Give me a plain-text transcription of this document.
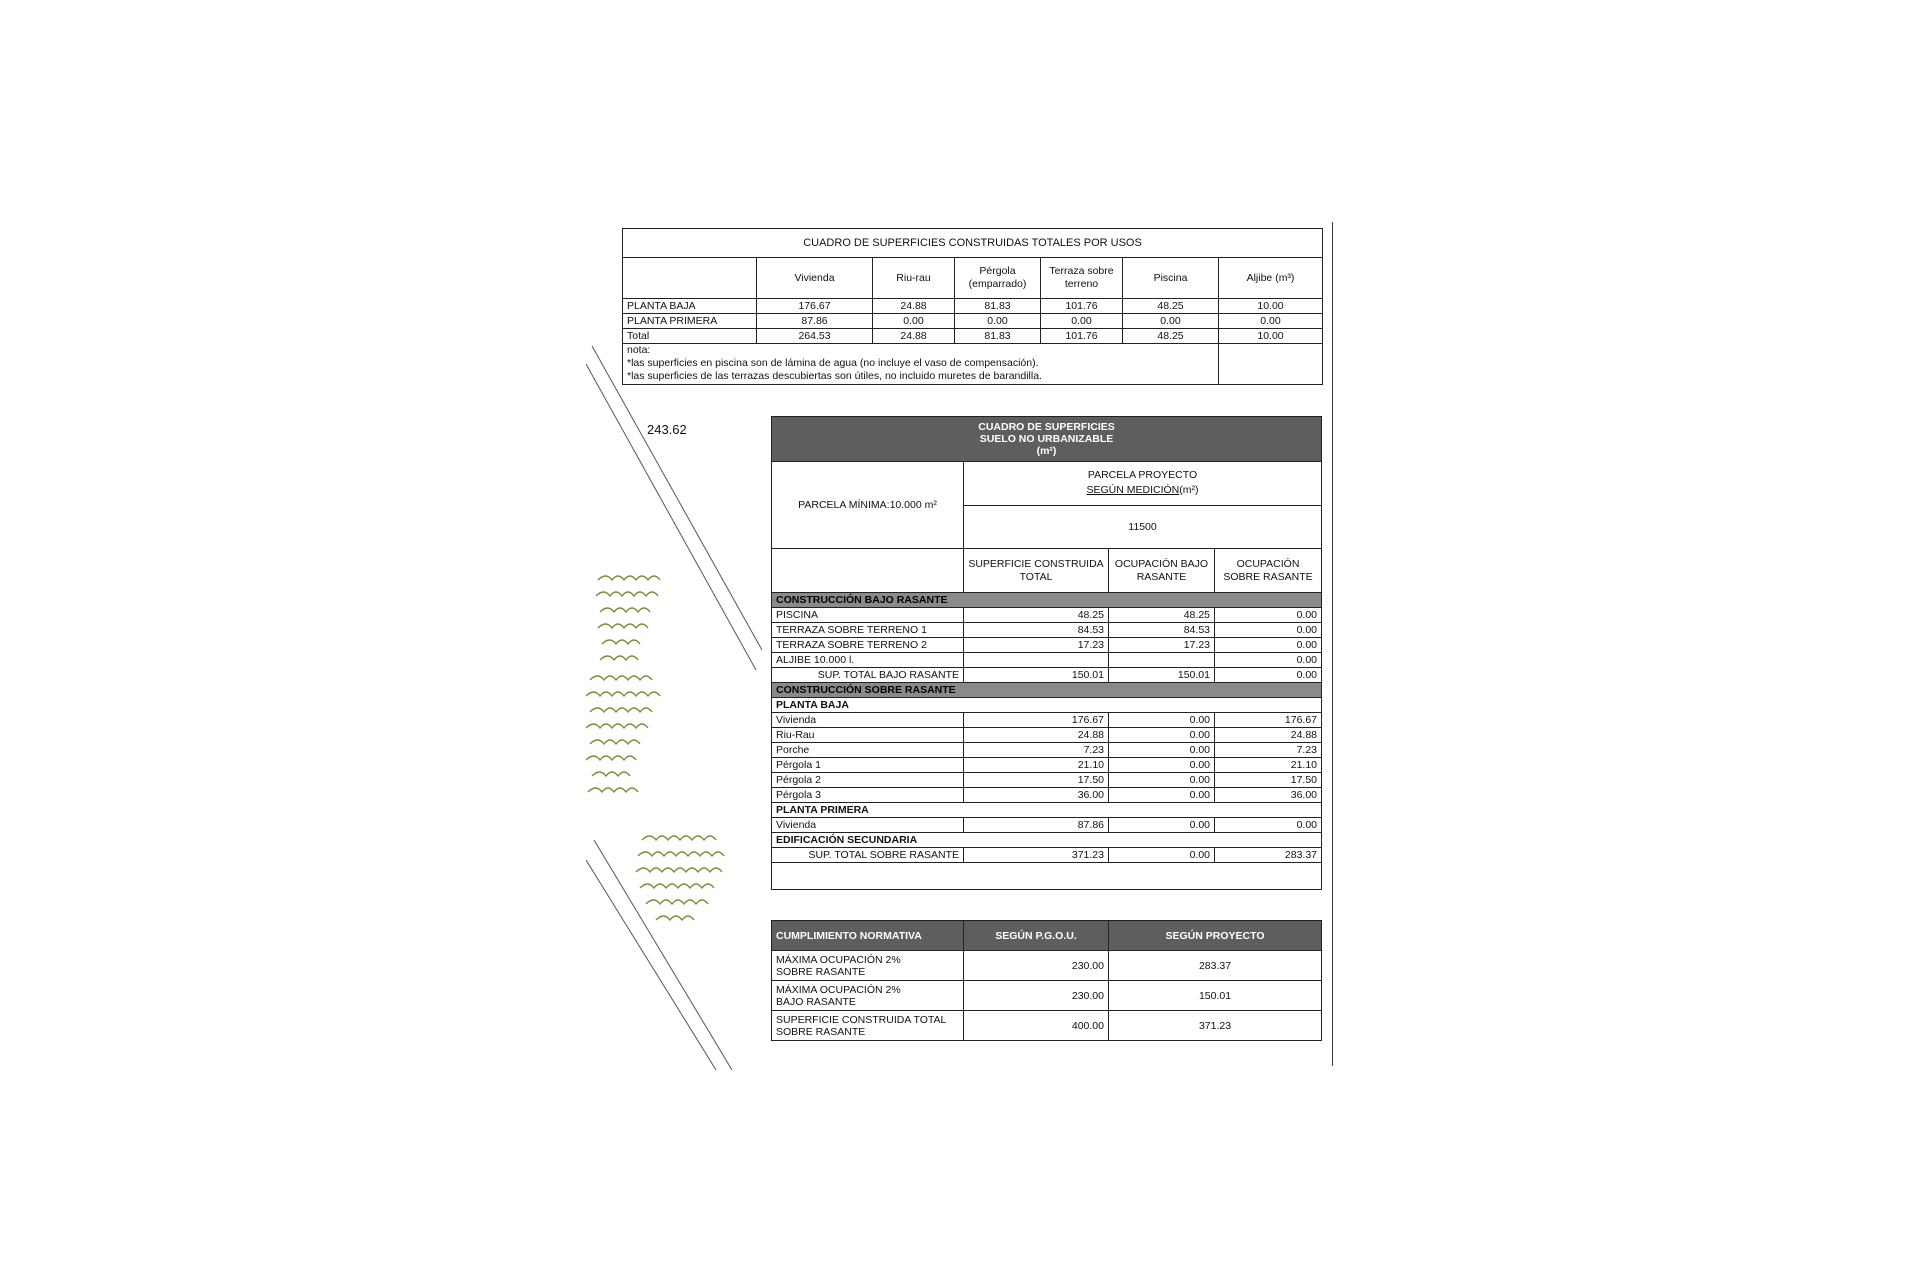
243.62
CUADRO DE SUPERFICIES CONSTRUIDAS TOTALES POR USOS						
	Vivienda	Riu-rau	Pérgola (emparrado)	Terraza sobre terreno	Piscina	Aljibe (m³)
PLANTA BAJA	176.67	24.88	81.83	101.76	48.25	10.00
PLANTA PRIMERA	87.86	0.00	0.00	0.00	0.00	0.00
Total	264.53	24.88	81.83	101.76	48.25	10.00

nota:
*las superficies en piscina son de lámina de agua (no incluye el vaso de compensación).
*las superficies de las terrazas descubiertas son útiles, no incluido muretes de barandilla.						

CUADRO DE SUPERFICIES
SUELO NO URBANIZABLE
(m²)			

PARCELA MÍNIMA:10.000 m²	PARCELA PROYECTO
SEGÚN MEDICIÓN(m²)		

	11500		
	SUPERFICIE CONSTRUIDA TOTAL	OCUPACIÓN BAJO RASANTE	OCUPACIÓN SOBRE RASANTE
CONSTRUCCIÓN BAJO RASANTE			
PISCINA	48.25	48.25	0.00
TERRAZA SOBRE TERRENO 1	84.53	84.53	0.00
TERRAZA SOBRE TERRENO 2	17.23	17.23	0.00
ALJIBE 10.000 l.			0.00
SUP. TOTAL BAJO RASANTE	150.01	150.01	0.00
CONSTRUCCIÓN SOBRE RASANTE			
PLANTA BAJA			
Vivienda	176.67	0.00	176.67
Riu-Rau	24.88	0.00	24.88
Porche	7.23	0.00	7.23
Pérgola 1	21.10	0.00	21.10
Pérgola 2	17.50	0.00	17.50
Pérgola 3	36.00	0.00	36.00
PLANTA PRIMERA			
Vivienda	87.86	0.00	0.00
EDIFICACIÓN SECUNDARIA			
SUP. TOTAL SOBRE RASANTE	371.23	0.00	283.37

CUMPLIMIENTO NORMATIVA	SEGÚN P.G.O.U.	SEGÚN PROYECTO

MÁXIMA OCUPACIÓN 2%
SOBRE RASANTE	230.00	283.37

MÁXIMA OCUPACIÓN 2%
BAJO RASANTE	230.00	150.01

SUPERFICIE CONSTRUIDA TOTAL
SOBRE RASANTE	400.00	371.23
